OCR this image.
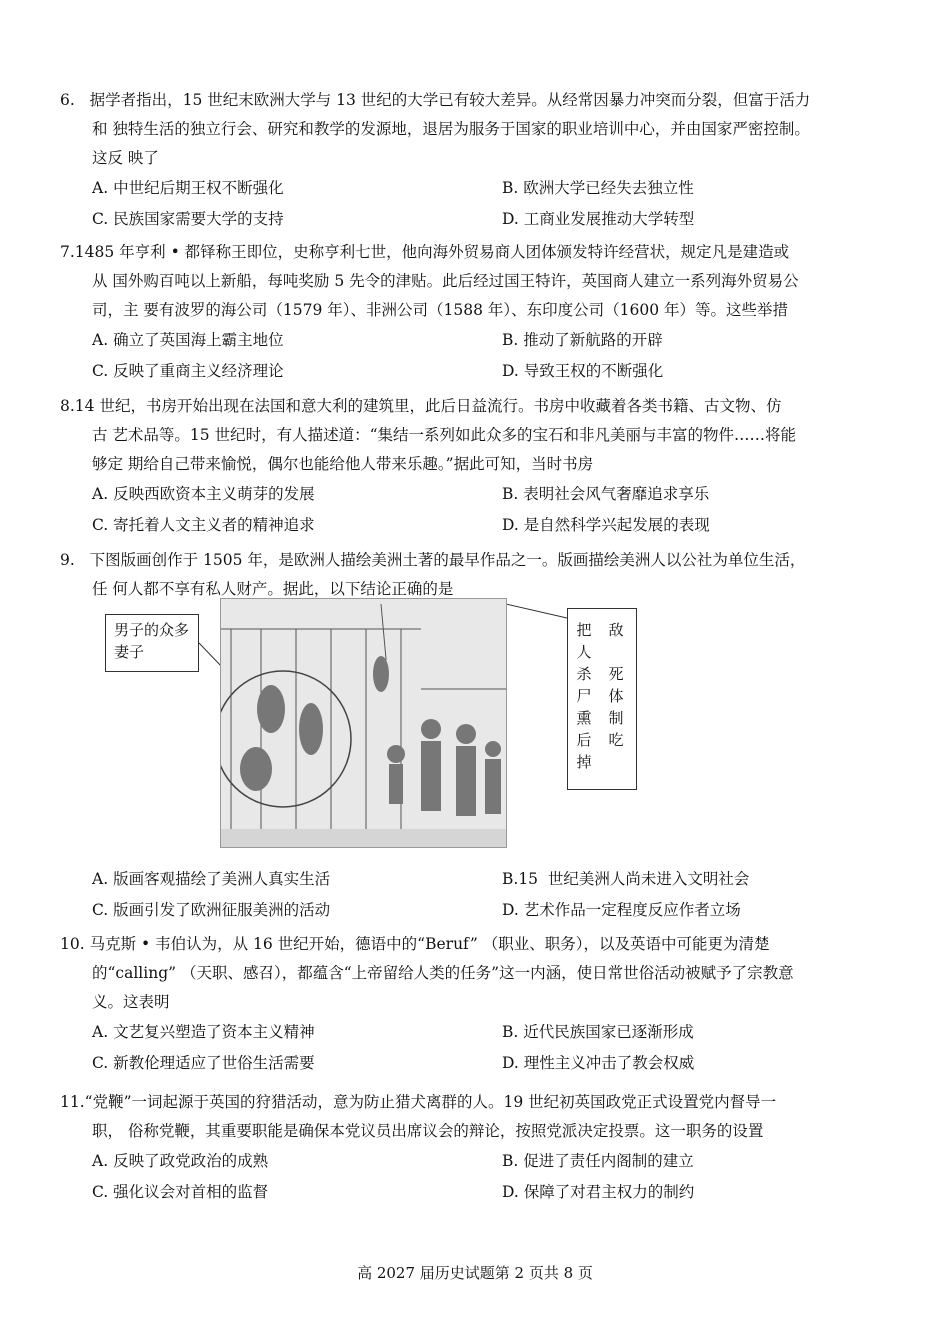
6. 据学者指出，15 世纪末欧洲大学与 13 世纪的大学已有较大差异。从经常因暴力冲突而分裂，但富于活力
和 独特生活的独立行会、研究和教学的发源地，退居为服务于国家的职业培训中心，并由国家严密控制。
这反 映了

A. 中世纪后期王权不断强化	B. 欧洲大学已经失去独立性
C. 民族国家需要大学的支持	D. 工商业发展推动大学转型

7.1485 年亨利 • 都铎称王即位，史称亨利七世，他向海外贸易商人团体颁发特许经营状，规定凡是建造或
从 国外购百吨以上新船，每吨奖励 5 先令的津贴。此后经过国王特许，英国商人建立一系列海外贸易公
司，主 要有波罗的海公司（1579 年）、非洲公司（1588 年）、东印度公司（1600 年）等。这些举措

A. 确立了英国海上霸主地位	B. 推动了新航路的开辟
C. 反映了重商主义经济理论	D. 导致王权的不断强化

8.14 世纪，书房开始出现在法国和意大利的建筑里，此后日益流行。书房中收藏着各类书籍、古文物、仿
古 艺术品等。15 世纪时，有人描述道：“集结一系列如此众多的宝石和非凡美丽与丰富的物件……将能
够定 期给自己带来愉悦，偶尔也能给他人带来乐趣。”据此可知，当时书房

A. 反映西欧资本主义萌芽的发展	B. 表明社会风气奢靡追求享乐
C. 寄托着人文主义者的精神追求	D. 是自然科学兴起发展的表现

9. 下图版画创作于 1505 年，是欧洲人描绘美洲土著的最早作品之一。版画描绘美洲人以公社为单位生活，
任 何人都不享有私人财产。据此，以下结论正确的是

男子的众多妻子
把
人
杀
尸
熏
后
掉
敌
死
体
制
吃
A. 版画客观描绘了美洲人真实生活	B.15 世纪美洲人尚未进入文明社会
C. 版画引发了欧洲征服美洲的活动	D. 艺术作品一定程度反应作者立场

10. 马克斯 • 韦伯认为，从 16 世纪开始，德语中的“Beruf” （职业、职务），以及英语中可能更为清楚
的“calling” （天职、感召），都蕴含“上帝留给人类的任务”这一内涵，使日常世俗活动被赋予了宗教意
义。这表明

A. 文艺复兴塑造了资本主义精神	B. 近代民族国家已逐渐形成
C. 新教伦理适应了世俗生活需要	D. 理性主义冲击了教会权威

11.“党鞭”一词起源于英国的狩猎活动，意为防止猎犬离群的人。19 世纪初英国政党正式设置党内督导一
职， 俗称党鞭，其重要职能是确保本党议员出席议会的辩论，按照党派决定投票。这一职务的设置

A. 反映了政党政治的成熟	B. 促进了责任内阁制的建立
C. 强化议会对首相的监督	D. 保障了对君主权力的制约
高 2027 届历史试题第 2 页共 8 页
